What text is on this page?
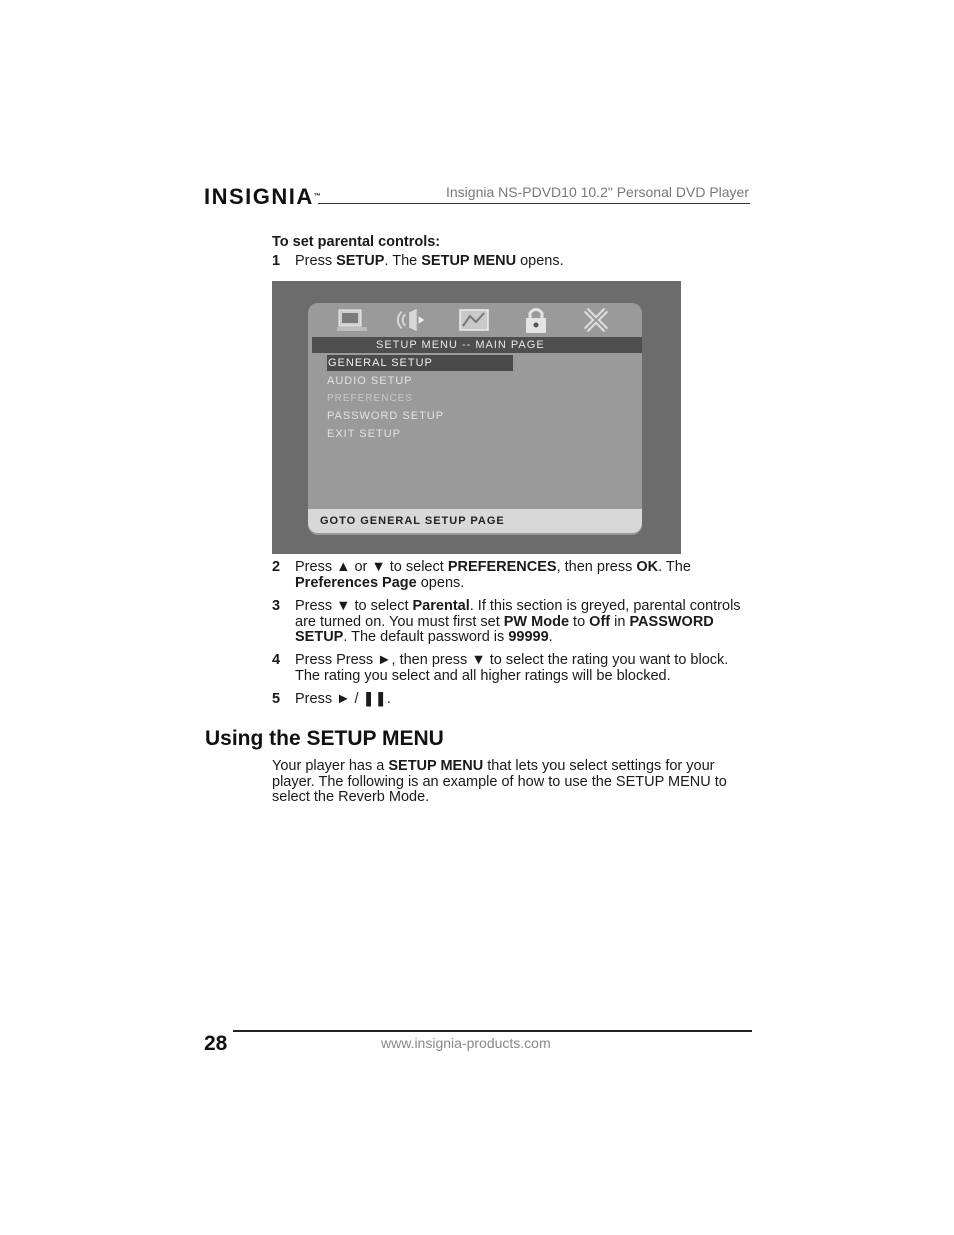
INSIGNIA™	Insignia NS-PDVD10 10.2" Personal DVD Player
To set parental controls:
1 Press SETUP. The SETUP MENU opens.
SETUP MENU -- MAIN PAGE
GENERAL SETUP
AUDIO SETUP
PREFERENCES
PASSWORD SETUP
EXIT SETUP
GOTO GENERAL SETUP PAGE
2 Press ▲ or ▼ to select PREFERENCES, then press OK. The Preferences Page opens.
3 Press ▼ to select Parental. If this section is greyed, parental controls are turned on. You must first set PW Mode to Off in PASSWORD SETUP. The default password is 99999.
4 Press Press ►, then press ▼ to select the rating you want to block. The rating you select and all higher ratings will be blocked.
5 Press ► / ❚❚.
Using the SETUP MENU
Your player has a SETUP MENU that lets you select settings for your player. The following is an example of how to use the SETUP MENU to select the Reverb Mode.
28	www.insignia-products.com
